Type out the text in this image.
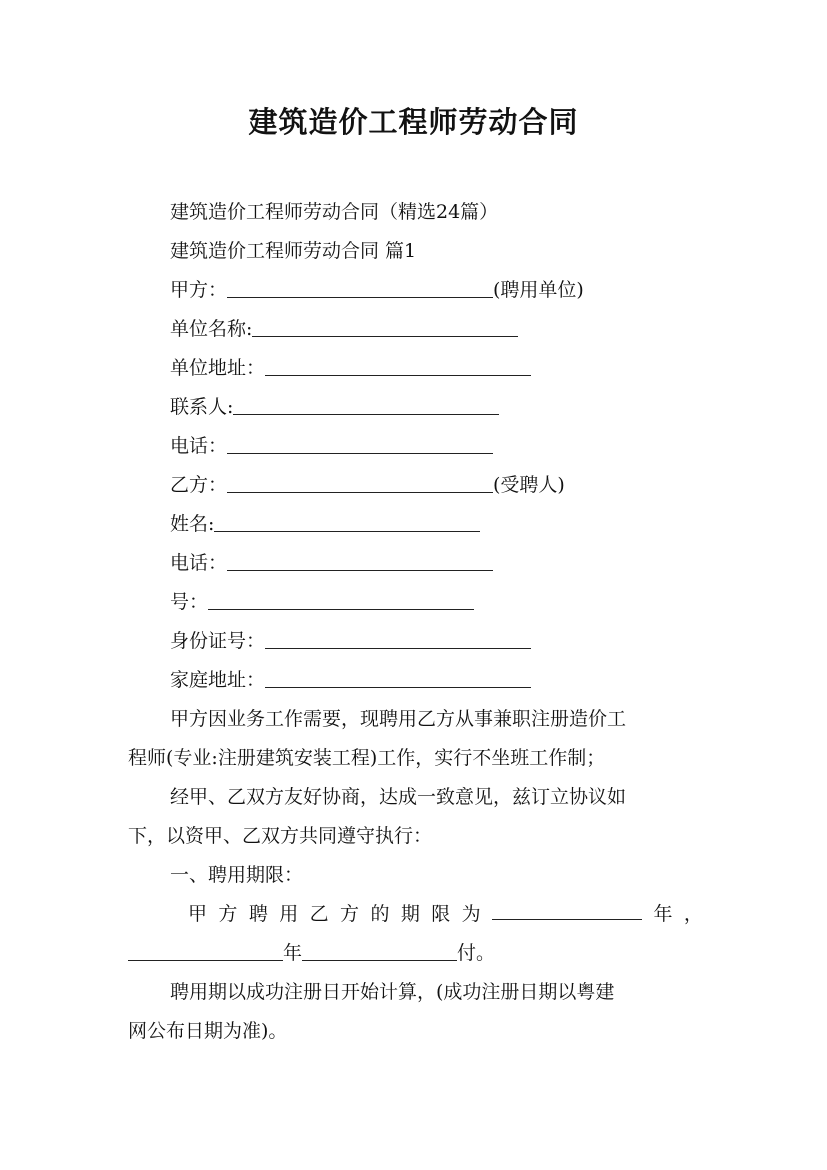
建筑造价工程师劳动合同
建筑造价工程师劳动合同（精选24篇）
建筑造价工程师劳动合同 篇1
甲方：	(聘用单位)
单位名称:
单位地址：
联系人:
电话：
乙方：	(受聘人)
姓名:
电话：
号：
身份证号：
家庭地址：
甲方因业务工作需要，现聘用乙方从事兼职注册造价工
程师(专业:注册建筑安装工程)工作，实行不坐班工作制；
经甲、乙双方友好协商，达成一致意见，兹订立协议如
下，以资甲、乙双方共同遵守执行：
一、聘用期限：
甲 方 聘 用 乙 方 的 期 限 为	年 ，
年	付。
聘用期以成功注册日开始计算，(成功注册日期以粤建
网公布日期为准)。
